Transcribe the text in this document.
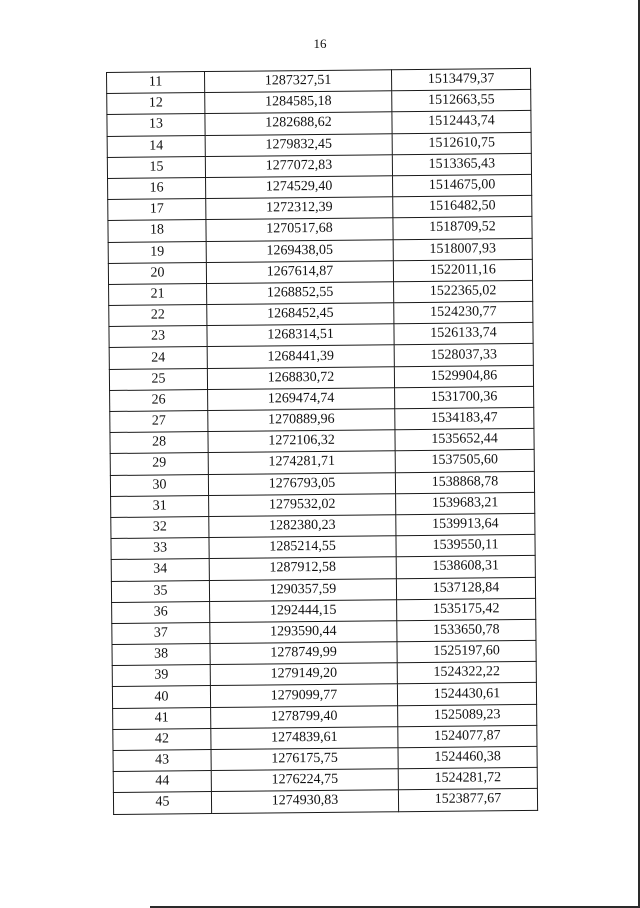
16
11	1287327,51	1513479,37
12	1284585,18	1512663,55
13	1282688,62	1512443,74
14	1279832,45	1512610,75
15	1277072,83	1513365,43
16	1274529,40	1514675,00
17	1272312,39	1516482,50
18	1270517,68	1518709,52
19	1269438,05	1518007,93
20	1267614,87	1522011,16
21	1268852,55	1522365,02
22	1268452,45	1524230,77
23	1268314,51	1526133,74
24	1268441,39	1528037,33
25	1268830,72	1529904,86
26	1269474,74	1531700,36
27	1270889,96	1534183,47
28	1272106,32	1535652,44
29	1274281,71	1537505,60
30	1276793,05	1538868,78
31	1279532,02	1539683,21
32	1282380,23	1539913,64
33	1285214,55	1539550,11
34	1287912,58	1538608,31
35	1290357,59	1537128,84
36	1292444,15	1535175,42
37	1293590,44	1533650,78
38	1278749,99	1525197,60
39	1279149,20	1524322,22
40	1279099,77	1524430,61
41	1278799,40	1525089,23
42	1274839,61	1524077,87
43	1276175,75	1524460,38
44	1276224,75	1524281,72
45	1274930,83	1523877,67
